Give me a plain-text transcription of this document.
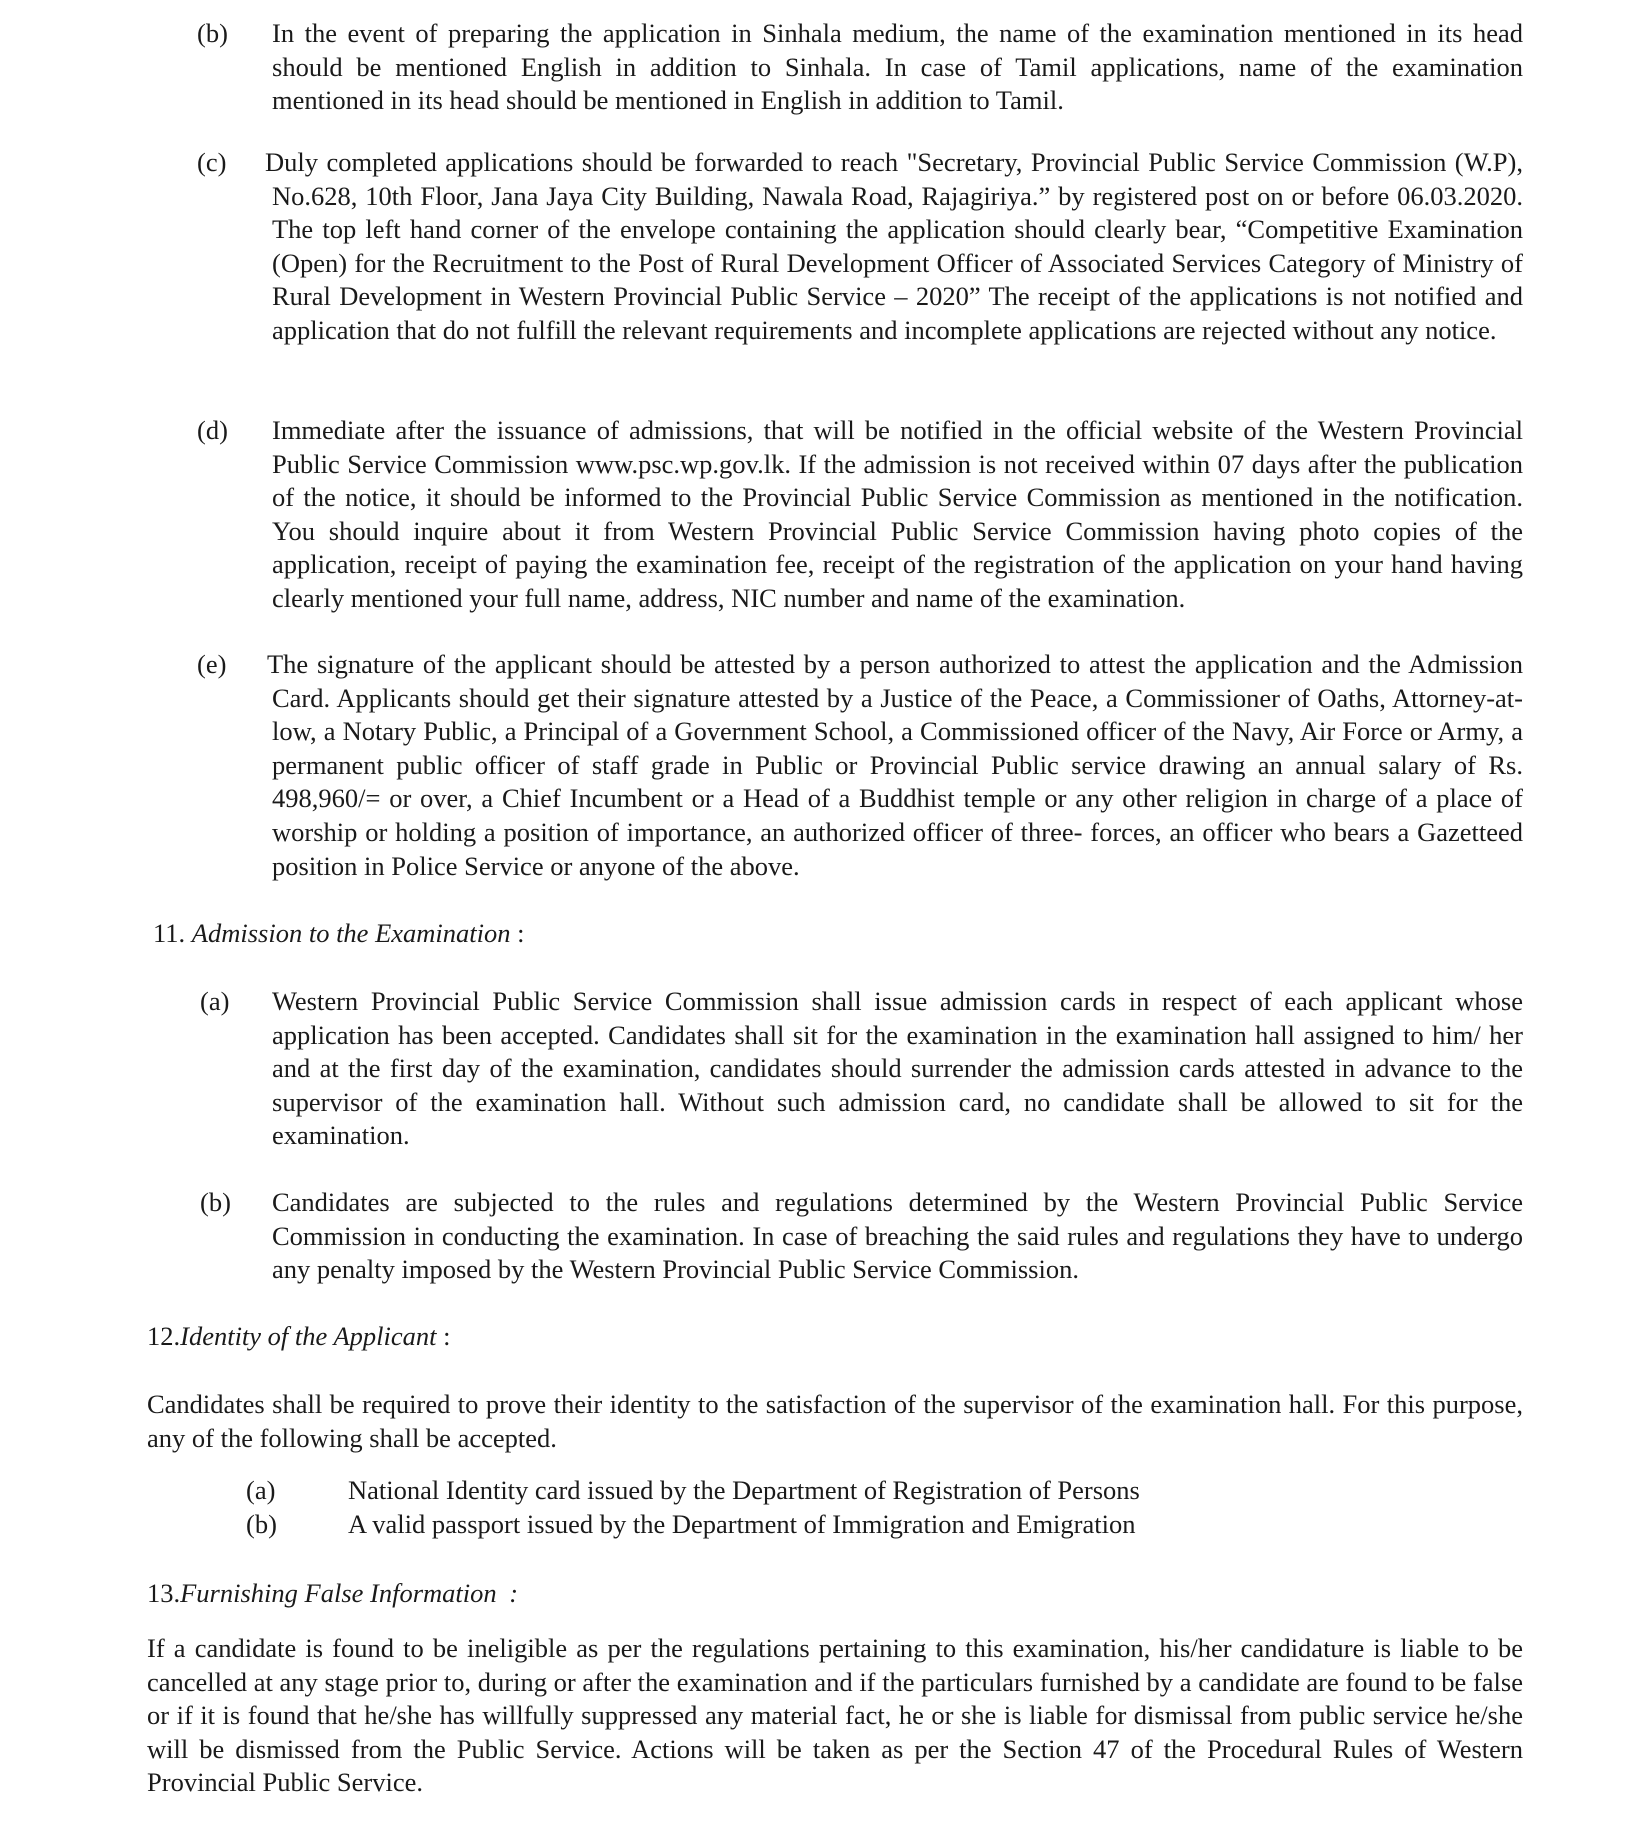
(b) In the event of preparing the application in Sinhala medium, the name of the examination mentioned in its head should be mentioned English in addition to Sinhala. In case of Tamil applications, name of the examination mentioned in its head should be mentioned in English in addition to Tamil.

(c) Duly completed applications should be forwarded to reach "Secretary, Provincial Public Service Commission (W.P), No.628, 10th Floor, Jana Jaya City Building, Nawala Road, Rajagiriya.” by registered post on or before 06.03.2020. The top left hand corner of the envelope containing the application should clearly bear, “Competitive Examination (Open) for the Recruitment to the Post of Rural Development Officer of Associated Services Category of Ministry of Rural Development in Western Provincial Public Service – 2020” The receipt of the applications is not notified and application that do not fulfill the relevant requirements and incomplete applications are rejected without any notice.

(d) Immediate after the issuance of admissions, that will be notified in the official website of the Western Provincial Public Service Commission www.psc.wp.gov.lk. If the admission is not received within 07 days after the publication of the notice, it should be informed to the Provincial Public Service Commission as mentioned in the notification. You should inquire about it from Western Provincial Public Service Commission having photo copies of the application, receipt of paying the examination fee, receipt of the registration of the application on your hand having clearly mentioned your full name, address, NIC number and name of the examination.

(e) The signature of the applicant should be attested by a person authorized to attest the application and the Admission Card. Applicants should get their signature attested by a Justice of the Peace, a Commissioner of Oaths, Attorney-at-low, a Notary Public, a Principal of a Government School, a Commissioned officer of the Navy, Air Force or Army, a permanent public officer of staff grade in Public or Provincial Public service drawing an annual salary of Rs. 498,960/= or over, a Chief Incumbent or a Head of a Buddhist temple or any other religion in charge of a place of worship or holding a position of importance, an authorized officer of three- forces, an officer who bears a Gazetteed position in Police Service or anyone of the above.

11. Admission to the Examination :
(a) Western Provincial Public Service Commission shall issue admission cards in respect of each applicant whose application has been accepted. Candidates shall sit for the examination in the examination hall assigned to him/ her and at the first day of the examination, candidates should surrender the admission cards attested in advance to the supervisor of the examination hall. Without such admission card, no candidate shall be allowed to sit for the examination.

(b) Candidates are subjected to the rules and regulations determined by the Western Provincial Public Service Commission in conducting the examination. In case of breaching the said rules and regulations they have to undergo any penalty imposed by the Western Provincial Public Service Commission.

12.Identity of the Applicant :

Candidates shall be required to prove their identity to the satisfaction of the supervisor of the examination hall. For this purpose, any of the following shall be accepted.

(a)	National Identity card issued by the Department of Registration of Persons
(b)	A valid passport issued by the Department of Immigration and Emigration
13.Furnishing False Information :

If a candidate is found to be ineligible as per the regulations pertaining to this examination, his/her candidature is liable to be cancelled at any stage prior to, during or after the examination and if the particulars furnished by a candidate are found to be false or if it is found that he/she has willfully suppressed any material fact, he or she is liable for dismissal from public service he/she will be dismissed from the Public Service. Actions will be taken as per the Section 47 of the Procedural Rules of Western Provincial Public Service.
